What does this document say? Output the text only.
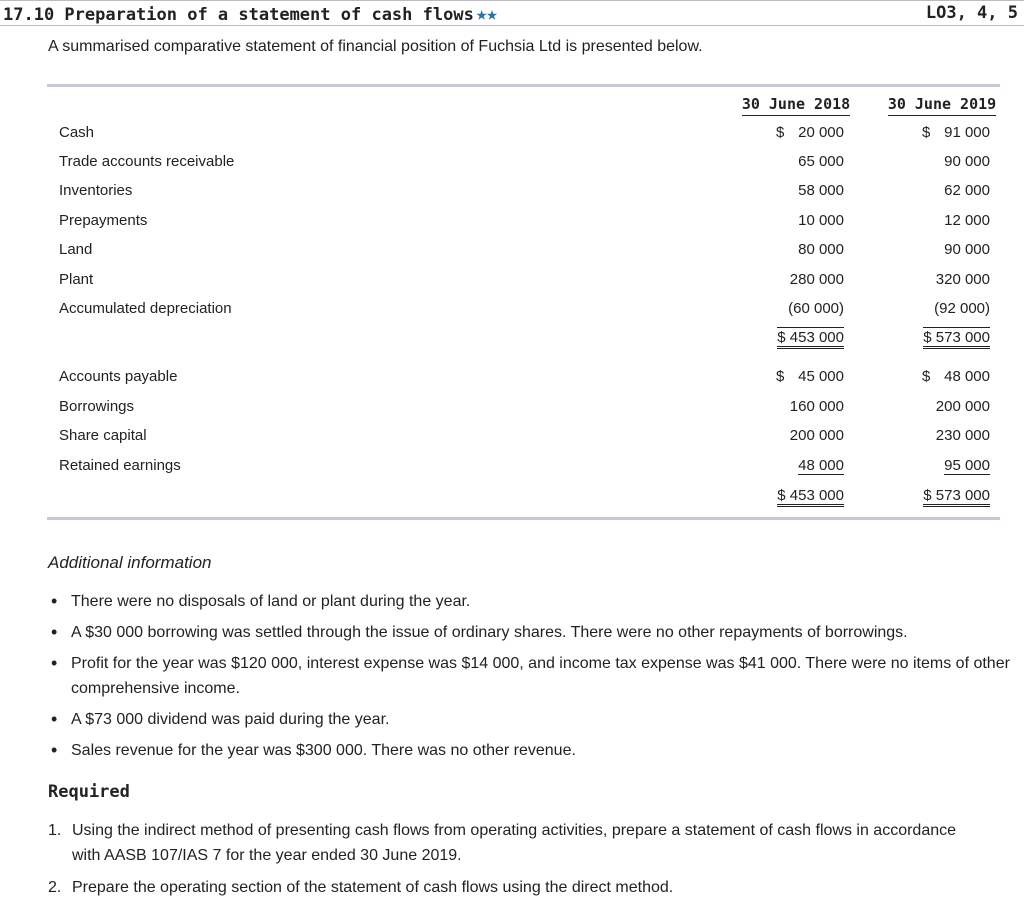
17.10 Preparation of a statement of cash flows ★★	LO3, 4, 5
A summarised comparative statement of financial position of Fuchsia Ltd is presented below.
30 June 2018	30 June 2019
Cash	$ 20 000	$ 91 000
Trade accounts receivable	65 000	90 000
Inventories	58 000	62 000
Prepayments	10 000	12 000
Land	80 000	90 000
Plant	280 000	320 000
Accumulated depreciation	(60 000)	(92 000)
$ 453 000	$ 573 000
Accounts payable	$ 45 000	$ 48 000
Borrowings	160 000	200 000
Share capital	200 000	230 000
Retained earnings	48 000	95 000
$ 453 000	$ 573 000
Additional information
• There were no disposals of land or plant during the year.
• A $30 000 borrowing was settled through the issue of ordinary shares. There were no other repayments of borrowings.
• Profit for the year was $120 000, interest expense was $14 000, and income tax expense was $41 000. There were no items of other comprehensive income.
• A $73 000 dividend was paid during the year.
• Sales revenue for the year was $300 000. There was no other revenue.
Required
1. Using the indirect method of presenting cash flows from operating activities, prepare a statement of cash flows in accordance with AASB 107/IAS 7 for the year ended 30 June 2019.
2. Prepare the operating section of the statement of cash flows using the direct method.
